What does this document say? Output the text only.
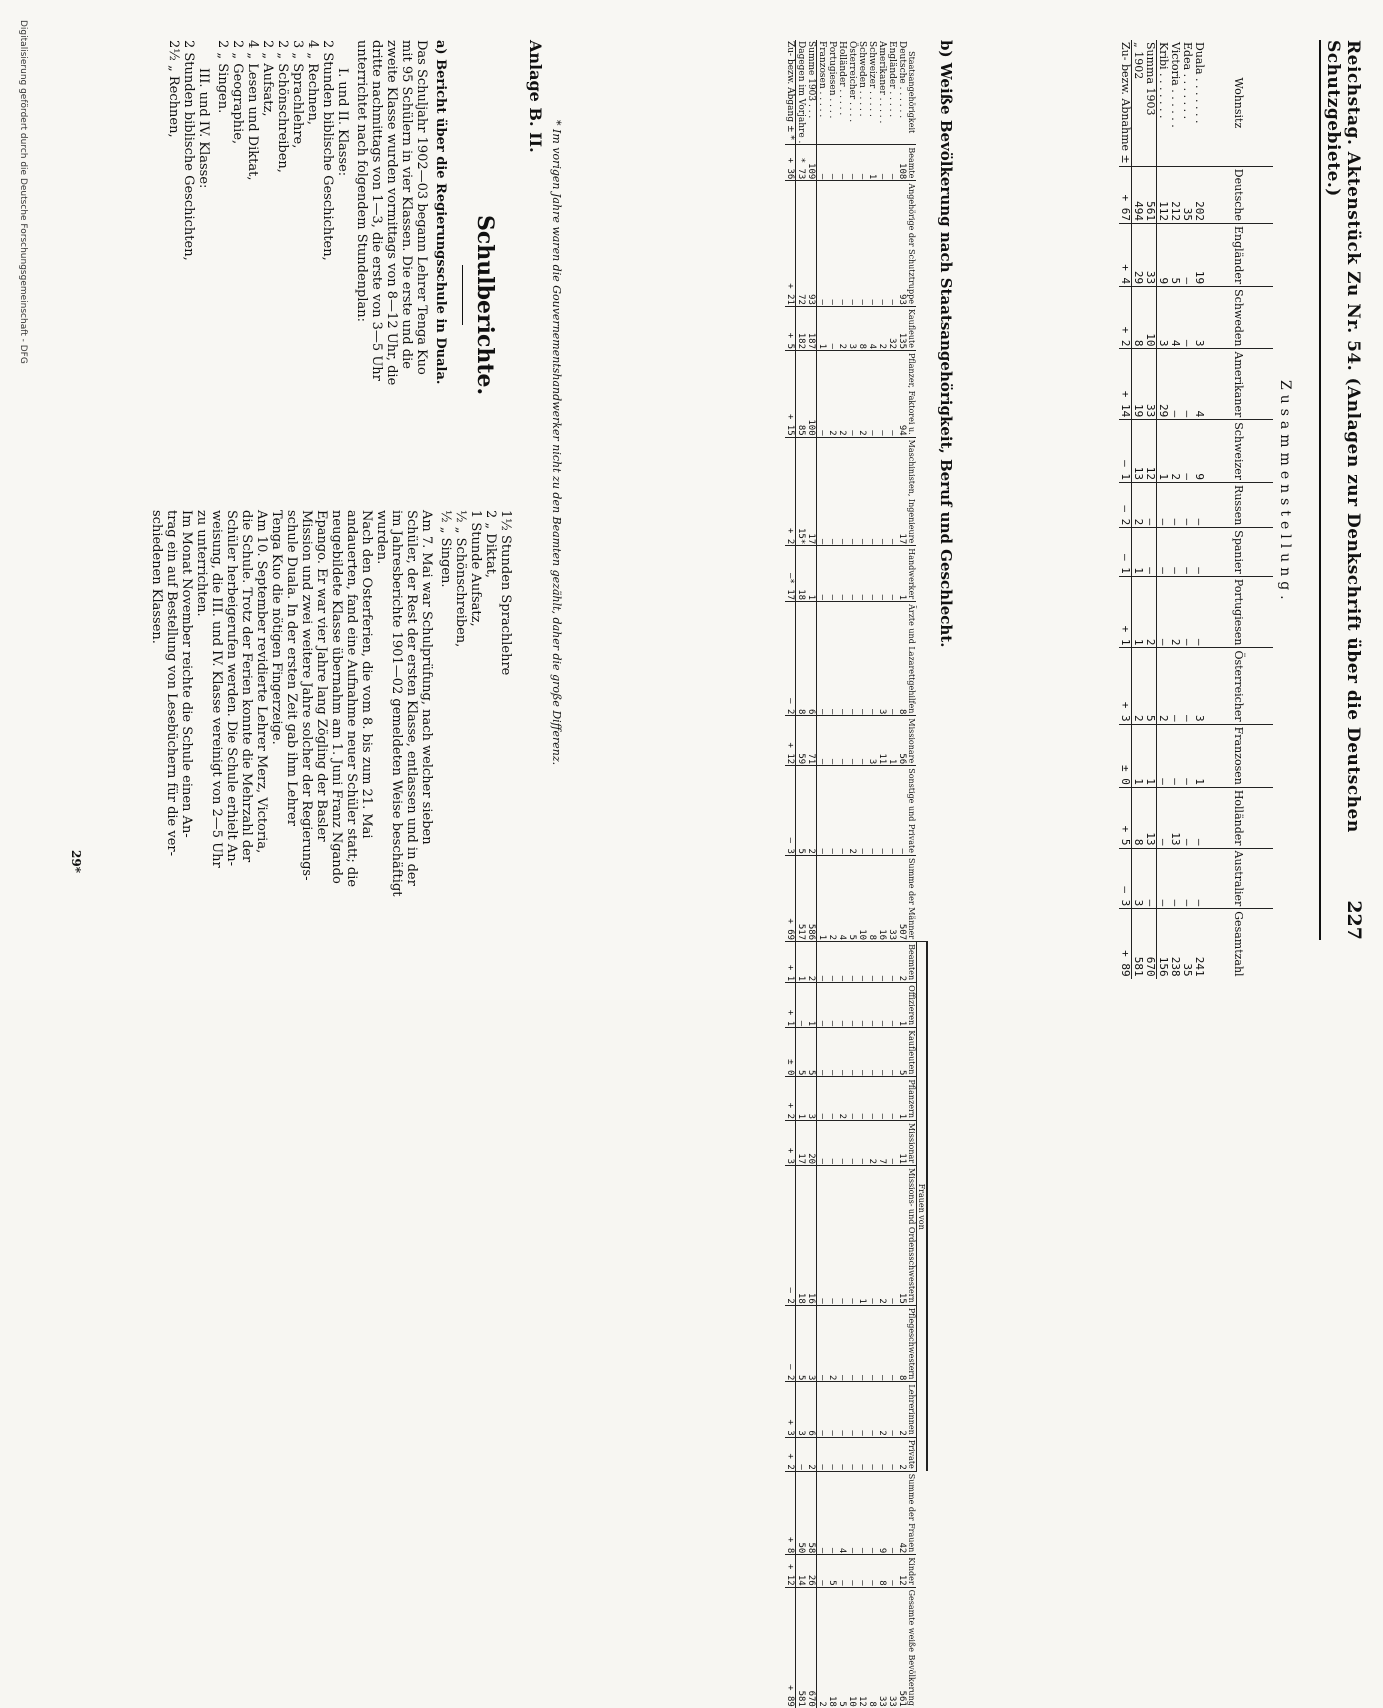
Reichstag. Aktenstück Zu Nr. 54. (Anlagen zur Denkschrift über die Deutschen Schutzgebiete.)
227
Zusammenstellung.
Wohnsitz	Deutsche	Engländer	Schweden	Amerikaner	Schweizer	Russen	Spanier	Portugiesen	Österreicher	Franzosen	Holländer	Australier	Gesamtzahl
Duala . . . . . . .	202	19	3	4	9	—	—	—	3	1	—	—	241
Edea . . . . . . .	35	—	—	—	—	—	—	—	—	—	—	—	35
Victoria . . . . . .	212	5	4	—	2	—	—	2	—	—	13	—	238
Kribi . . . . . . .	112	9	3	29	1	—	—	—	2	—	—	—	156
Summa 1903	561	33	10	33	12	—	—	2	5	1	13	—	670
„ 1902	494	29	8	19	13	2	1	1	2	1	8	3	581
Zu- bezw. Abnahme ±	+ 67	+ 4	+ 2	+ 14	— 1	— 2	— 1	+ 1	+ 3	± 0	+ 5	— 3	+ 89
b) Weiße Bevölkerung nach Staatsangehörigkeit, Beruf und Geschlecht.
											Frauen von											
Staatsangehörigkeit	Beamte	Angehörige der Schutztruppe	Kaufleute	Pflanzer, Faktorei u.	Maschinisten, Ingenieure	Handwerker	Ärzte und Lazarettgehilfen	Missionare	Sonstige und Private	Summe der Männer	Beamten	Offizieren	Kaufleuten	Pflanzern	Missionar	Missions- und Ordensschwestern	Pflegeschwestern	Lehrerinnen	Private	Summe der Frauen	Kinder	Gesamte weiße Bevölkerung
Deutsche . . . . . .	108	93	135	94	17	1	8	56	—	507	2	1	5	1	11	15	8	2	2	42	12	561
Engländer . . . . .	—	—	32	—	—	—	—	1	—	33	—	—	—	—	—	—	—	—	—	—	—	33
Amerikaner . . . . .	—	—	2	—	—	—	3	11	—	16	—	—	—	—	7	2	—	2	—	9	8	33
Schweizer . . . . .	1	—	4	—	—	—	—	3	—	8	—	—	—	—	2	—	—	—	—	—	—	8
Schweden . . . . .	—	—	8	2	—	—	—	—	—	10	—	—	—	—	—	1	—	—	—	—	—	12
Österreicher . . . .	—	—	3	—	—	—	—	—	2	5	—	—	—	—	—	—	—	—	—	—	—	10
Holländer . . . . .	—	—	2	2	—	—	—	—	—	4	—	—	—	2	—	—	—	—	—	4	—	5
Portugiesen . . . .	—	—	—	2	—	—	—	—	—	2	—	—	—	—	—	—	2	—	—	—	5	18
Franzosen . . . . .	—	—	1	—	—	—	—	—	—	1	—	—	—	—	—	—	—	—	—	—	—	2
Summe 1903 . . .	109	93	187	100	17	1	6	71	2	586	2	1	5	3	20	16	3	6	2	58	26	670
Dagegen im Vorjahre .	* 73	72	182	85	15*	18	8	59	5	517	1	—	5	1	17	18	5	3	—	50	14	581
Zu- bezw. Abgang ± *	+ 36	+ 21	+ 5	+ 15	+ 2	—* 17	— 2	+ 12	— 3	+ 69	+ 1	+ 1	± 0	+ 2	+ 3	— 2	— 2	+ 3	+ 2	+ 8	+ 12	+ 89
* Im vorigen Jahre waren die Gouvernementshandwerker nicht zu den Beamten gezählt, daher die große Differenz.
Anlage B. II.
Schulberichte.

a) Bericht über die Regierungsschule in Duala.

Das Schuljahr 1902—03 begann Lehrer Tenga Kuo

mit 95 Schülern in vier Klassen. Die erste und die

zweite Klasse wurden vormittags von 8—12 Uhr, die

dritte nachmittags von 1—3, die erste von 3—5 Uhr

unterrichtet nach folgendem Stundenplan:

I. und II. Klasse:

2 Stunden biblische Geschichten,

4 „ Rechnen,

3 „ Sprachlehre,

2 „ Schönschreiben,

2 „ Aufsatz,

4 „ Lesen und Diktat,

2 „ Geographie,

2 „ Singen.

III. und IV. Klasse:

2 Stunden biblische Geschichten,

2½ „ Rechnen,

1½ Stunden Sprachlehre

2 „ Diktat,

1 Stunde Aufsatz,

½ „ Schönschreiben,

½ „ Singen.

Am 7. Mai war Schulprüfung, nach welcher sieben

Schüler, der Rest der ersten Klasse, entlassen und in der

im Jahresberichte 1901—02 gemeldeten Weise beschäftigt

wurden.

Nach den Osterferien, die vom 8. bis zum 21. Mai

andauerten, fand eine Aufnahme neuer Schüler statt; die

neugebildete Klasse übernahm am 1. Juni Franz Ngando

Epango. Er war vier Jahre lang Zögling der Basler

Mission und zwei weitere Jahre solcher der Regierungs-

schule Duala. In der ersten Zeit gab ihm Lehrer

Tenga Kuo die nötigen Fingerzeige.

Am 10. September revidierte Lehrer Merz, Victoria,

die Schule. Trotz der Ferien konnte die Mehrzahl der

Schüler herbeigerufen werden. Die Schule erhielt An-

weisung, die III. und IV. Klasse vereinigt von 2—5 Uhr

zu unterrichten.

Im Monat November reichte die Schule einen An-

trag ein auf Bestellung von Lesebüchern für die ver-

schiedenen Klassen.

29*
Digitalisierung gefördert durch die Deutsche Forschungsgemeinschaft - DFG
